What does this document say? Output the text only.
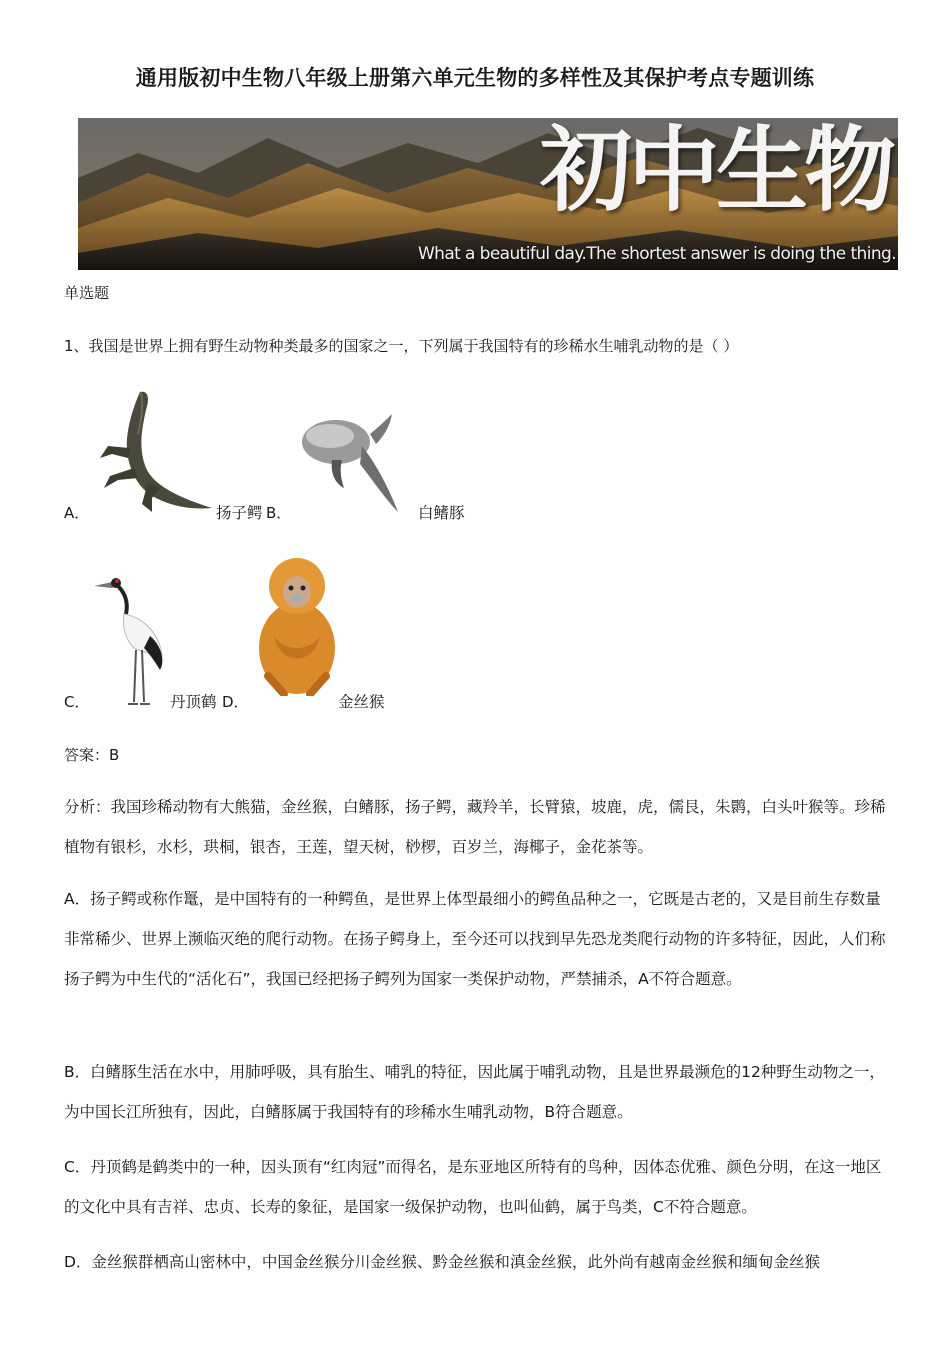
通用版初中生物八年级上册第六单元生物的多样性及其保护考点专题训练
初中生物
What a beautiful day.The shortest answer is doing the thing.
单选题
1、我国是世界上拥有野生动物种类最多的国家之一，下列属于我国特有的珍稀水生哺乳动物的是（ ）
A．	扬子鳄 B．	白鳍豚
C．	丹顶鹤 D．	金丝猴
答案：B
分析：我国珍稀动物有大熊猫，金丝猴，白鳍豚，扬子鳄，藏羚羊，长臂猿，坡鹿，虎，儒艮，朱鹮，白头叶猴等。珍稀植物有银杉，水杉，珙桐，银杏，王莲，望天树，桫椤，百岁兰，海椰子，金花茶等。
A．扬子鳄或称作鼍，是中国特有的一种鳄鱼，是世界上体型最细小的鳄鱼品种之一，它既是古老的，又是目前生存数量非常稀少、世界上濒临灭绝的爬行动物。在扬子鳄身上，至今还可以找到早先恐龙类爬行动物的许多特征，因此，人们称扬子鳄为中生代的“活化石”，我国已经把扬子鳄列为国家一类保护动物，严禁捕杀，A不符合题意。
B．白鳍豚生活在水中，用肺呼吸，具有胎生、哺乳的特征，因此属于哺乳动物，且是世界最濒危的12种野生动物之一，为中国长江所独有，因此，白鳍豚属于我国特有的珍稀水生哺乳动物，B符合题意。
C．丹顶鹤是鹤类中的一种，因头顶有“红肉冠”而得名，是东亚地区所特有的鸟种，因体态优雅、颜色分明，在这一地区的文化中具有吉祥、忠贞、长寿的象征，是国家一级保护动物，也叫仙鹤，属于鸟类，C不符合题意。
D．金丝猴群栖高山密林中，中国金丝猴分川金丝猴、黔金丝猴和滇金丝猴，此外尚有越南金丝猴和缅甸金丝猴
